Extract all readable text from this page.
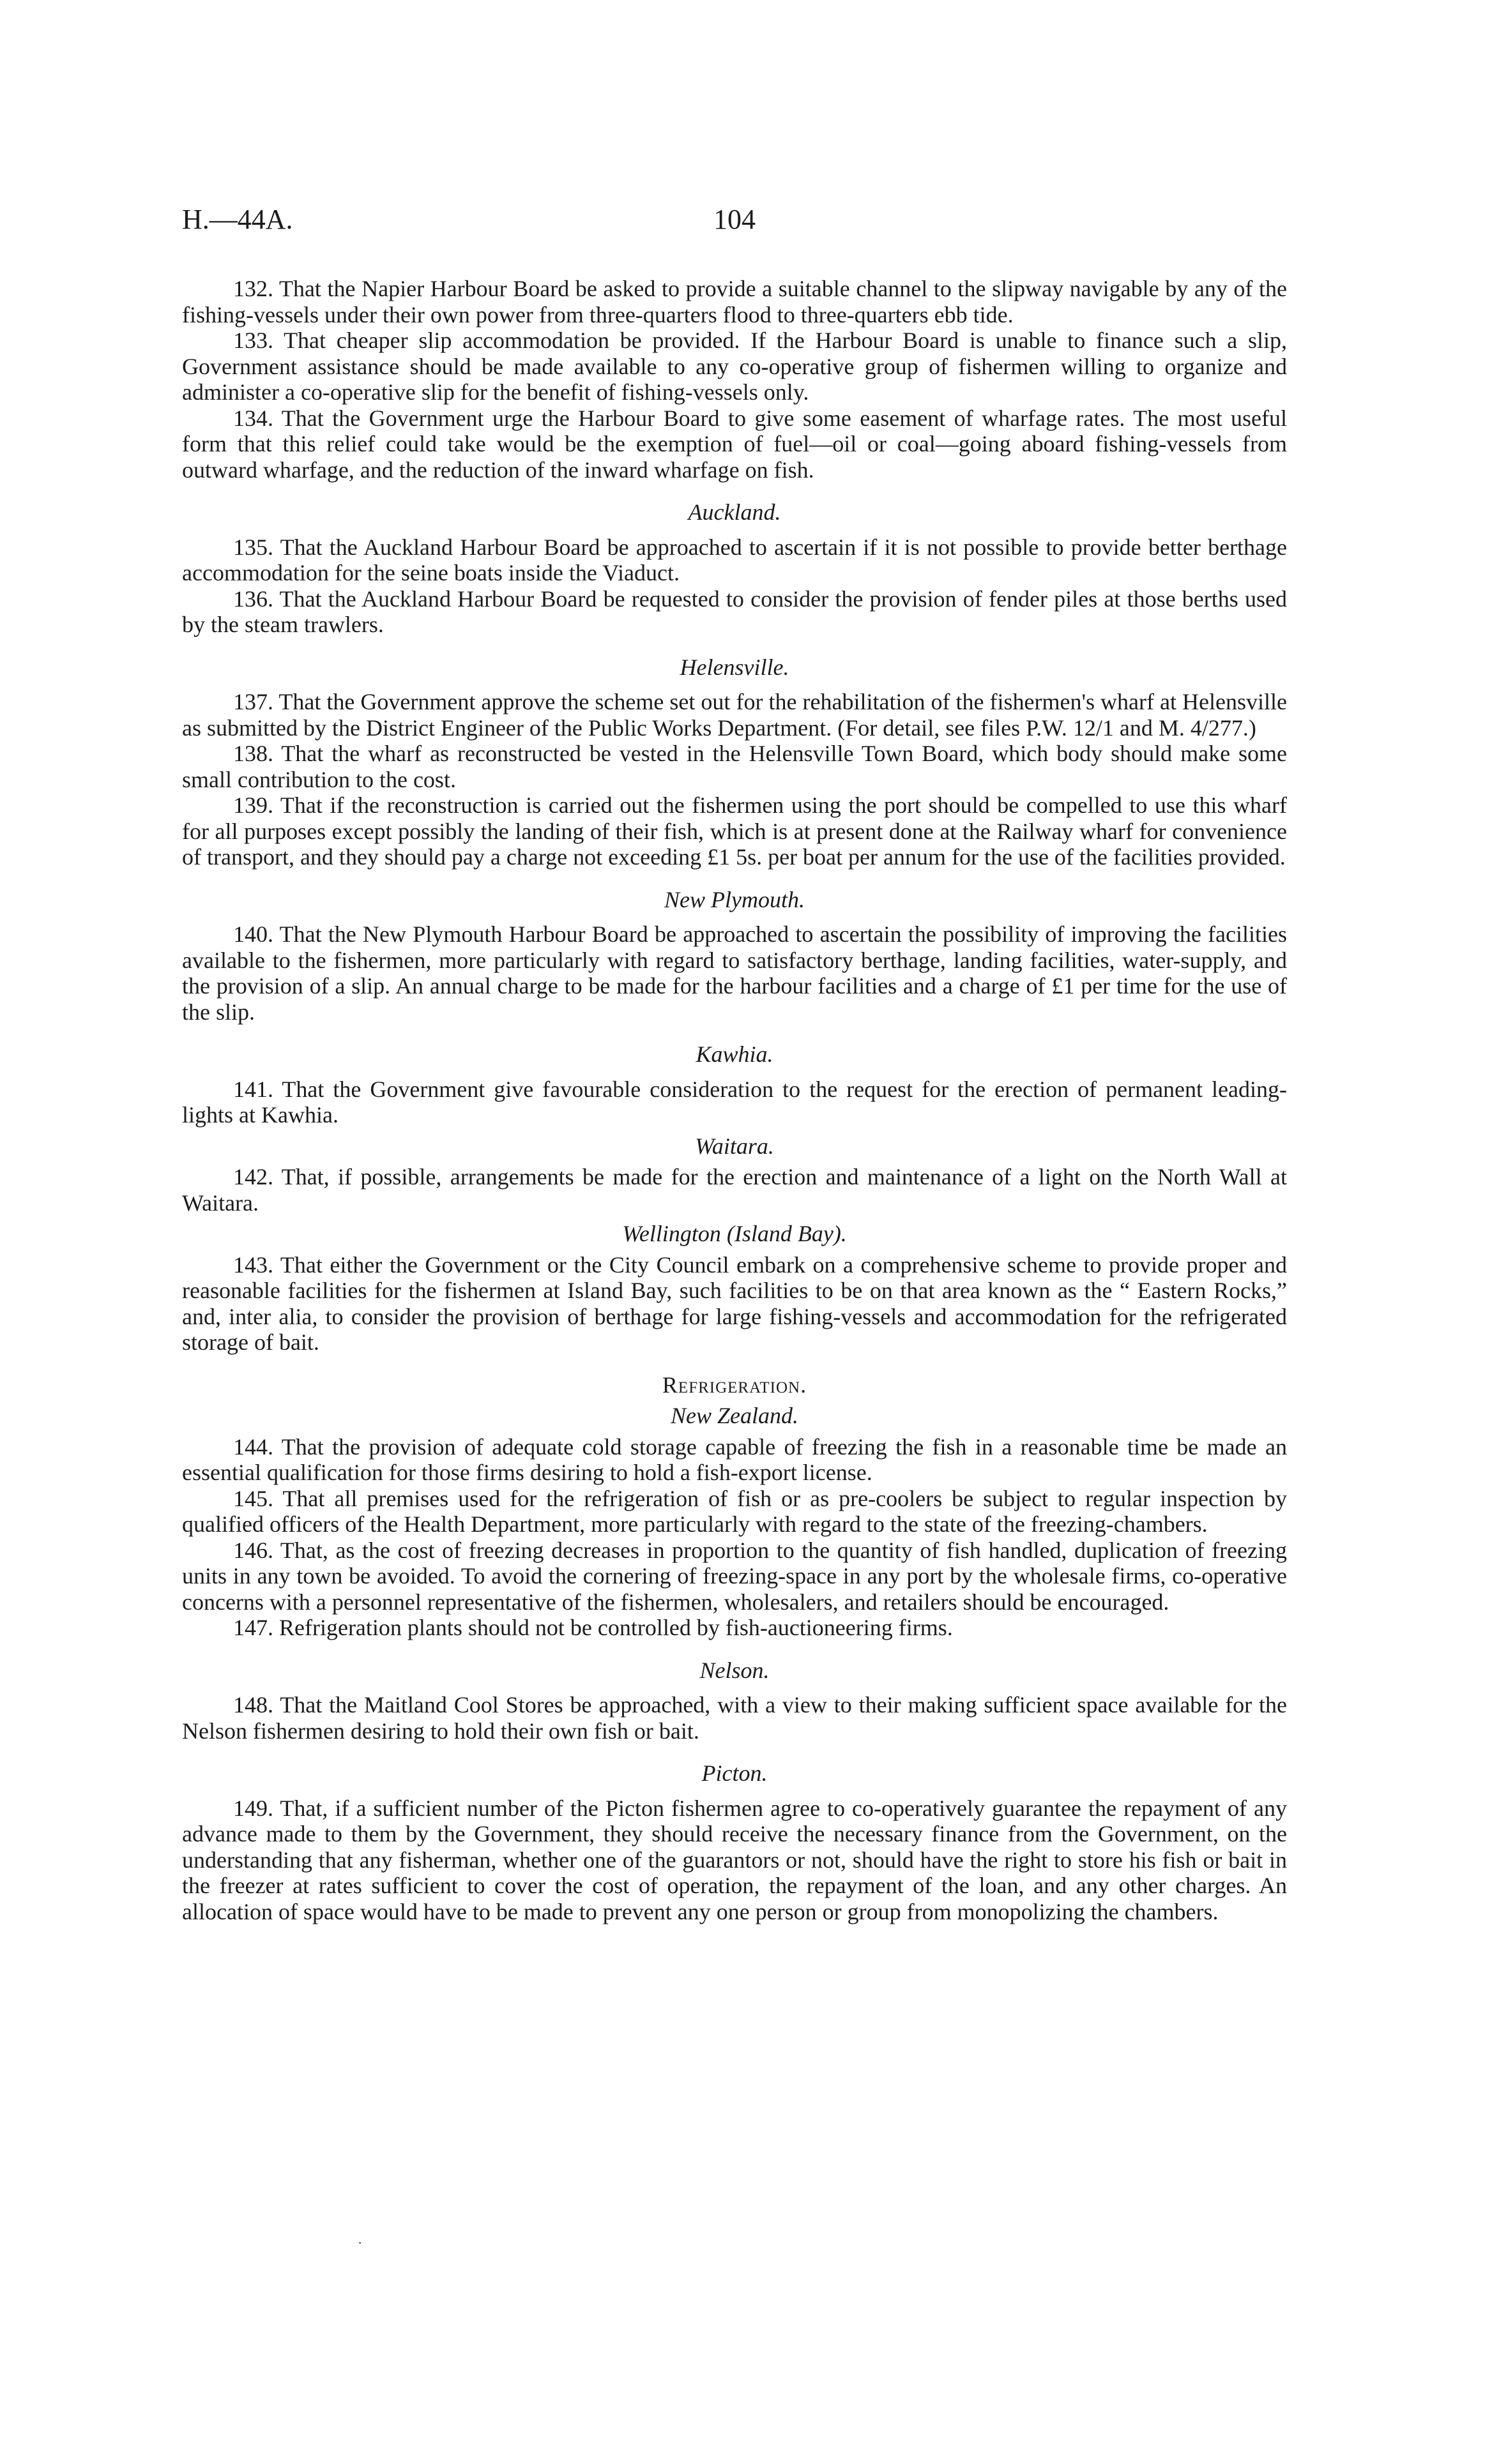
H.—44A.	104

132. That the Napier Harbour Board be asked to provide a suitable channel to the slipway navigable by any of the fishing-vessels under their own power from three-quarters flood to three-quarters ebb tide.

133. That cheaper slip accommodation be provided. If the Harbour Board is unable to finance such a slip, Government assistance should be made available to any co-operative group of fishermen willing to organize and administer a co-operative slip for the benefit of fishing-vessels only.

134. That the Government urge the Harbour Board to give some easement of wharfage rates. The most useful form that this relief could take would be the exemption of fuel—oil or coal—going aboard fishing-vessels from outward wharfage, and the reduction of the inward wharfage on fish.

Auckland.

135. That the Auckland Harbour Board be approached to ascertain if it is not possible to provide better berthage accommodation for the seine boats inside the Viaduct.

136. That the Auckland Harbour Board be requested to consider the provision of fender piles at those berths used by the steam trawlers.

Helensville.

137. That the Government approve the scheme set out for the rehabilitation of the fishermen's wharf at Helensville as submitted by the District Engineer of the Public Works Department. (For detail, see files P.W. 12/1 and M. 4/277.)

138. That the wharf as reconstructed be vested in the Helensville Town Board, which body should make some small contribution to the cost.

139. That if the reconstruction is carried out the fishermen using the port should be compelled to use this wharf for all purposes except possibly the landing of their fish, which is at present done at the Railway wharf for convenience of transport, and they should pay a charge not exceeding £1 5s. per boat per annum for the use of the facilities provided.

New Plymouth.

140. That the New Plymouth Harbour Board be approached to ascertain the possibility of improving the facilities available to the fishermen, more particularly with regard to satisfactory berthage, landing facilities, water-supply, and the provision of a slip. An annual charge to be made for the harbour facilities and a charge of £1 per time for the use of the slip.

Kawhia.

141. That the Government give favourable consideration to the request for the erection of permanent leading-lights at Kawhia.

Waitara.

142. That, if possible, arrangements be made for the erection and maintenance of a light on the North Wall at Waitara.

Wellington (Island Bay).

143. That either the Government or the City Council embark on a comprehensive scheme to provide proper and reasonable facilities for the fishermen at Island Bay, such facilities to be on that area known as the “ Eastern Rocks,” and, inter alia, to consider the provision of berthage for large fishing-vessels and accommodation for the refrigerated storage of bait.

Refrigeration.

New Zealand.

144. That the provision of adequate cold storage capable of freezing the fish in a reasonable time be made an essential qualification for those firms desiring to hold a fish-export license.

145. That all premises used for the refrigeration of fish or as pre-coolers be subject to regular inspection by qualified officers of the Health Department, more particularly with regard to the state of the freezing-chambers.

146. That, as the cost of freezing decreases in proportion to the quantity of fish handled, duplication of freezing units in any town be avoided. To avoid the cornering of freezing-space in any port by the wholesale firms, co-operative concerns with a personnel representative of the fishermen, wholesalers, and retailers should be encouraged.

147. Refrigeration plants should not be controlled by fish-auctioneering firms.

Nelson.

148. That the Maitland Cool Stores be approached, with a view to their making sufficient space available for the Nelson fishermen desiring to hold their own fish or bait.

Picton.

149. That, if a sufficient number of the Picton fishermen agree to co-operatively guarantee the repayment of any advance made to them by the Government, they should receive the necessary finance from the Government, on the understanding that any fisherman, whether one of the guarantors or not, should have the right to store his fish or bait in the freezer at rates sufficient to cover the cost of operation, the repayment of the loan, and any other charges. An allocation of space would have to be made to prevent any one person or group from monopolizing the chambers.

·
